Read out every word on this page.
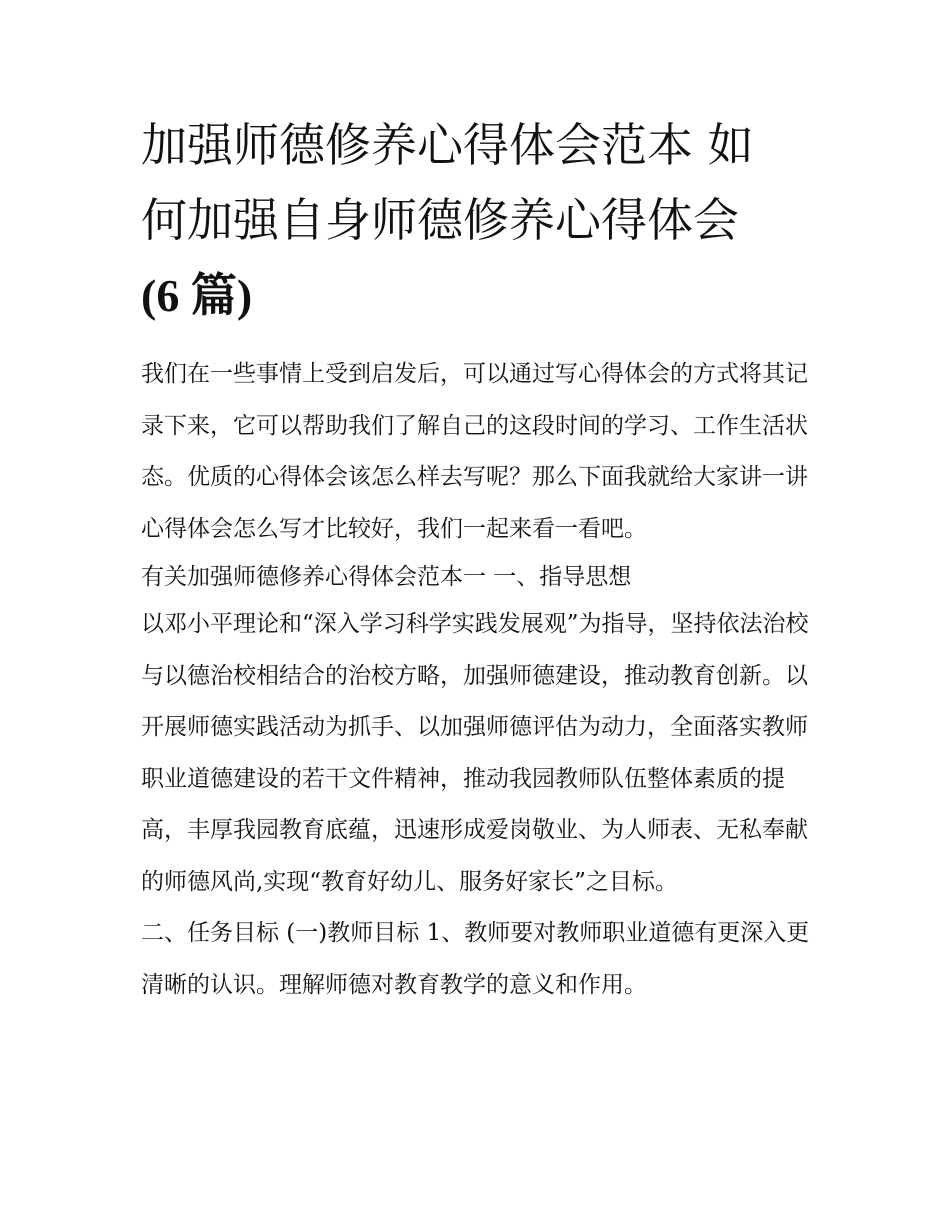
加强师德修养心得体会范本 如
何加强自身师德修养心得体会
(6 篇)

我们在一些事情上受到启发后，可以通过写心得体会的方式将其记录下来，它可以帮助我们了解自己的这段时间的学习、工作生活状态。优质的心得体会该怎么样去写呢？那么下面我就给大家讲一讲心得体会怎么写才比较好，我们一起来看一看吧。

有关加强师德修养心得体会范本一 一、指导思想

以邓小平理论和“深入学习科学实践发展观”为指导，坚持依法治校与以德治校相结合的治校方略，加强师德建设，推动教育创新。以开展师德实践活动为抓手、以加强师德评估为动力，全面落实教师职业道德建设的若干文件精神，推动我园教师队伍整体素质的提高，丰厚我园教育底蕴，迅速形成爱岗敬业、为人师表、无私奉献的师德风尚,实现“教育好幼儿、服务好家长”之目标。

二、任务目标 (一)教师目标 1、教师要对教师职业道德有更深入更清晰的认识。理解师德对教育教学的意义和作用。
